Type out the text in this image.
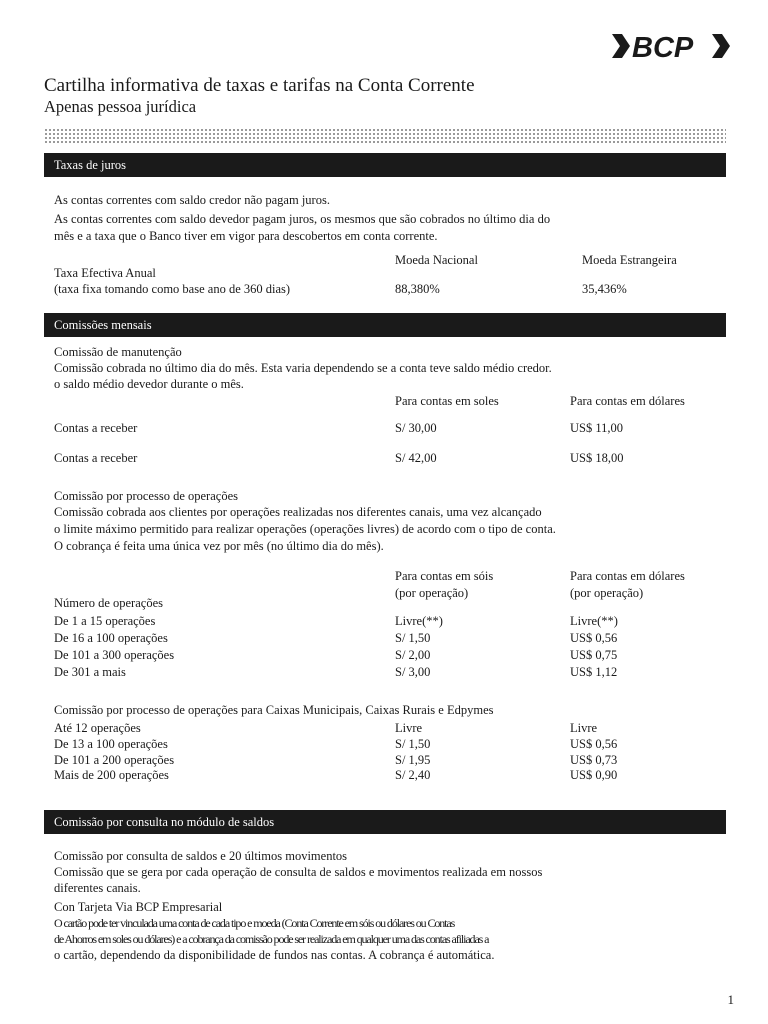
BCP
Cartilha informativa de taxas e tarifas na Conta Corrente
Apenas pessoa jurídica
Taxas de juros
As contas correntes com saldo credor não pagam juros.
As contas correntes com saldo devedor pagam juros, os mesmos que são cobrados no último dia do
mês e a taxa que o Banco tiver em vigor para descobertos em conta corrente.
Moeda Nacional	Moeda Estrangeira
Taxa Efectiva Anual
(taxa fixa tomando como base ano de 360 dias)	88,380%	35,436%
Comissões mensais
Comissão de manutenção
Comissão cobrada no último dia do mês. Esta varia dependendo se a conta teve saldo médio credor.
o saldo médio devedor durante o mês.
Para contas em soles	Para contas em dólares
Contas a receber	S/ 30,00	US$ 11,00
Contas a receber	S/ 42,00	US$ 18,00
Comissão por processo de operações
Comissão cobrada aos clientes por operações realizadas nos diferentes canais, uma vez alcançado
o limite máximo permitido para realizar operações (operações livres) de acordo com o tipo de conta.
O cobrança é feita uma única vez por mês (no último dia do mês).
Para contas em sóis	Para contas em dólares
(por operação)	(por operação)
Número de operações
De 1 a 15 operações	Livre(**)	Livre(**)
De 16 a 100 operações	S/ 1,50	US$ 0,56
De 101 a 300 operações	S/ 2,00	US$ 0,75
De 301 a mais	S/ 3,00	US$ 1,12
Comissão por processo de operações para Caixas Municipais, Caixas Rurais e Edpymes
Até 12 operações	Livre	Livre
De 13 a 100 operações	S/ 1,50	US$ 0,56
De 101 a 200 operações	S/ 1,95	US$ 0,73
Mais de 200 operações	S/ 2,40	US$ 0,90
Comissão por consulta no módulo de saldos
Comissão por consulta de saldos e 20 últimos movimentos
Comissão que se gera por cada operação de consulta de saldos e movimentos realizada em nossos
diferentes canais.
Con Tarjeta Via BCP Empresarial
O cartão pode ter vinculada uma conta de cada tipo e moeda (Conta Corrente em sóis ou dólares ou Contas
de Ahorros em soles ou dólares) e a cobrança da comissão pode ser realizada em qualquer uma das contas afiliadas a
o cartão, dependendo da disponibilidade de fundos nas contas. A cobrança é automática.
1
